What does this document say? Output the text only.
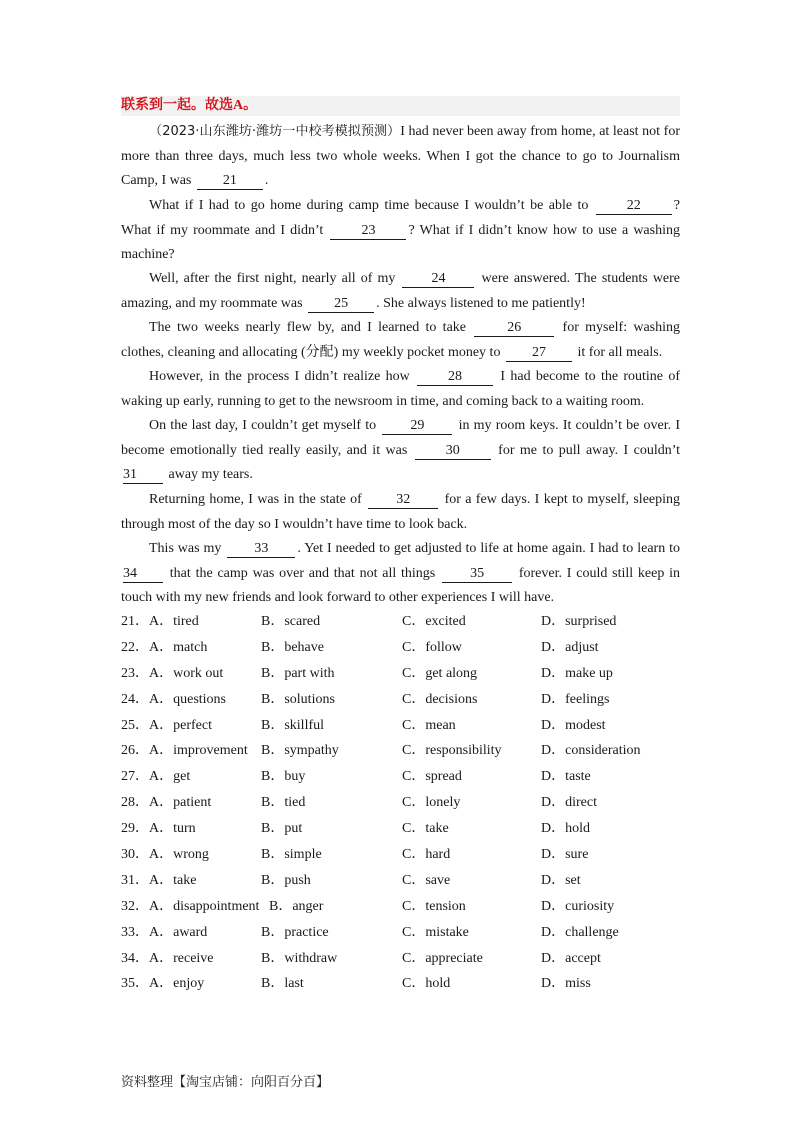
联系到一起。故选A。

（2023·山东潍坊·潍坊一中校考模拟预测）I had never been away from home, at least not for more than three days, much less two whole weeks. When I got the chance to go to Journalism Camp, I was 21 .

What if I had to go home during camp time because I wouldn’t be able to	22 ? What if my roommate and I didn’t	23 ? What if I didn’t know how to use a washing machine?

Well, after the first night, nearly all of my	24	were answered. The students were amazing, and my roommate was 25 . She always listened to me patiently!

The two weeks nearly flew by, and I learned to take	26	for myself: washing clothes, cleaning and allocating (分配) my weekly pocket money to 27 it for all meals.

However, in the process I didn’t realize how	28	I had become to the routine of waking up early, running to get to the newsroom in time, and coming back to a waiting room.

On the last day, I couldn’t get myself to 29 in my room keys. It couldn’t be over. I become emotionally tied really easily, and it was	30	for me to pull away. I couldn’t 31 away my tears.

Returning home, I was in the state of 32 for a few days. I kept to myself, sleeping through most of the day so I wouldn’t have time to look back.

This was my 33 . Yet I needed to get adjusted to life at home again. I had to learn to 34 that the camp was over and that not all things 35 forever. I could still keep in touch with my new friends and look forward to other experiences I will have.

21．A．tired	B．scared	C．excited	D．surprised
22．A．match	B．behave	C．follow	D．adjust
23．A．work out	B．part with	C．get along	D．make up
24．A．questions	B．solutions	C．decisions	D．feelings
25．A．perfect	B．skillful	C．mean	D．modest
26．A．improvement B．sympathy	C．responsibility	D．consideration
27．A．get	B．buy	C．spread	D．taste
28．A．patient	B．tied	C．lonely	D．direct
29．A．turn	B．put	C．take	D．hold
30．A．wrong	B．simple	C．hard	D．sure
31．A．take	B．push	C．save	D．set
32．A．disappointment B．anger	C．tension	D．curiosity
33．A．award	B．practice	C．mistake	D．challenge
34．A．receive	B．withdraw	C．appreciate	D．accept
35．A．enjoy	B．last	C．hold	D．miss
资料整理【淘宝店铺：向阳百分百】
